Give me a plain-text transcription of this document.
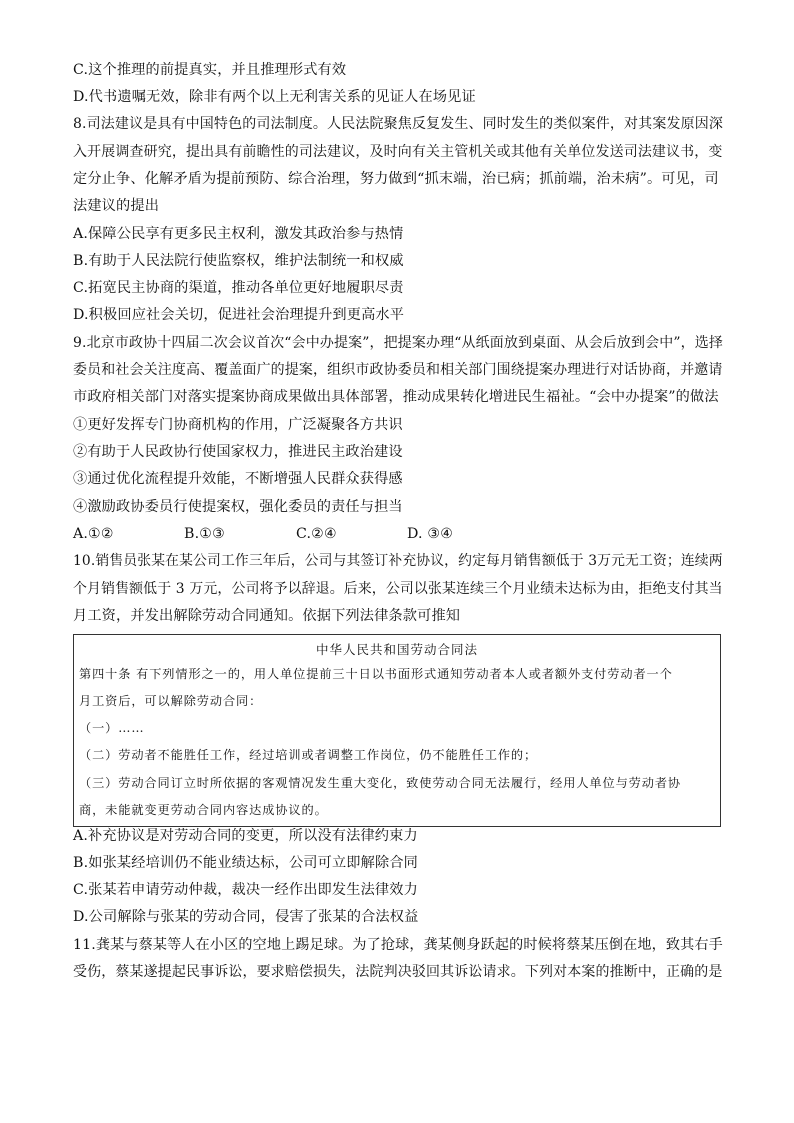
C.这个推理的前提真实，并且推理形式有效
D.代书遗嘱无效，除非有两个以上无利害关系的见证人在场见证
8.司法建议是具有中国特色的司法制度。人民法院聚焦反复发生、同时发生的类似案件，对其案发原因深
入开展调查研究，提出具有前瞻性的司法建议，及时向有关主管机关或其他有关单位发送司法建议书，变
定分止争、化解矛盾为提前预防、综合治理，努力做到“抓末端，治已病；抓前端，治未病”。可见，司
法建议的提出
A.保障公民享有更多民主权利，激发其政治参与热情
B.有助于人民法院行使监察权，维护法制统一和权威
C.拓宽民主协商的渠道，推动各单位更好地履职尽责
D.积极回应社会关切，促进社会治理提升到更高水平
9.北京市政协十四届二次会议首次“会中办提案”，把提案办理“从纸面放到桌面、从会后放到会中”，选择
委员和社会关注度高、覆盖面广的提案，组织市政协委员和相关部门围绕提案办理进行对话协商，并邀请
市政府相关部门对落实提案协商成果做出具体部署，推动成果转化增进民生福祉。“会中办提案”的做法
①更好发挥专门协商机构的作用，广泛凝聚各方共识
②有助于人民政协行使国家权力，推进民主政治建设
③通过优化流程提升效能，不断增强人民群众获得感
④激励政协委员行使提案权，强化委员的责任与担当
A.①②	B.①③	C.②④	D. ③④
10.销售员张某在某公司工作三年后，公司与其签订补充协议，约定每月销售额低于 3万元无工资；连续两
个月销售额低于 3 万元，公司将予以辞退。后来，公司以张某连续三个月业绩未达标为由，拒绝支付其当
月工资，并发出解除劳动合同通知。依据下列法律条款可推知
中华人民共和国劳动合同法
第四十条 有下列情形之一的，用人单位提前三十日以书面形式通知劳动者本人或者额外支付劳动者一个
月工资后，可以解除劳动合同：
（一）……
（二）劳动者不能胜任工作，经过培训或者调整工作岗位，仍不能胜任工作的；
（三）劳动合同订立时所依据的客观情况发生重大变化，致使劳动合同无法履行，经用人单位与劳动者协
商，未能就变更劳动合同内容达成协议的。
A.补充协议是对劳动合同的变更，所以没有法律约束力
B.如张某经培训仍不能业绩达标，公司可立即解除合同
C.张某若申请劳动仲裁，裁决一经作出即发生法律效力
D.公司解除与张某的劳动合同，侵害了张某的合法权益
11.龚某与蔡某等人在小区的空地上踢足球。为了抢球，龚某侧身跃起的时候将蔡某压倒在地，致其右手
受伤，蔡某遂提起民事诉讼，要求赔偿损失，法院判决驳回其诉讼请求。下列对本案的推断中，正确的是
